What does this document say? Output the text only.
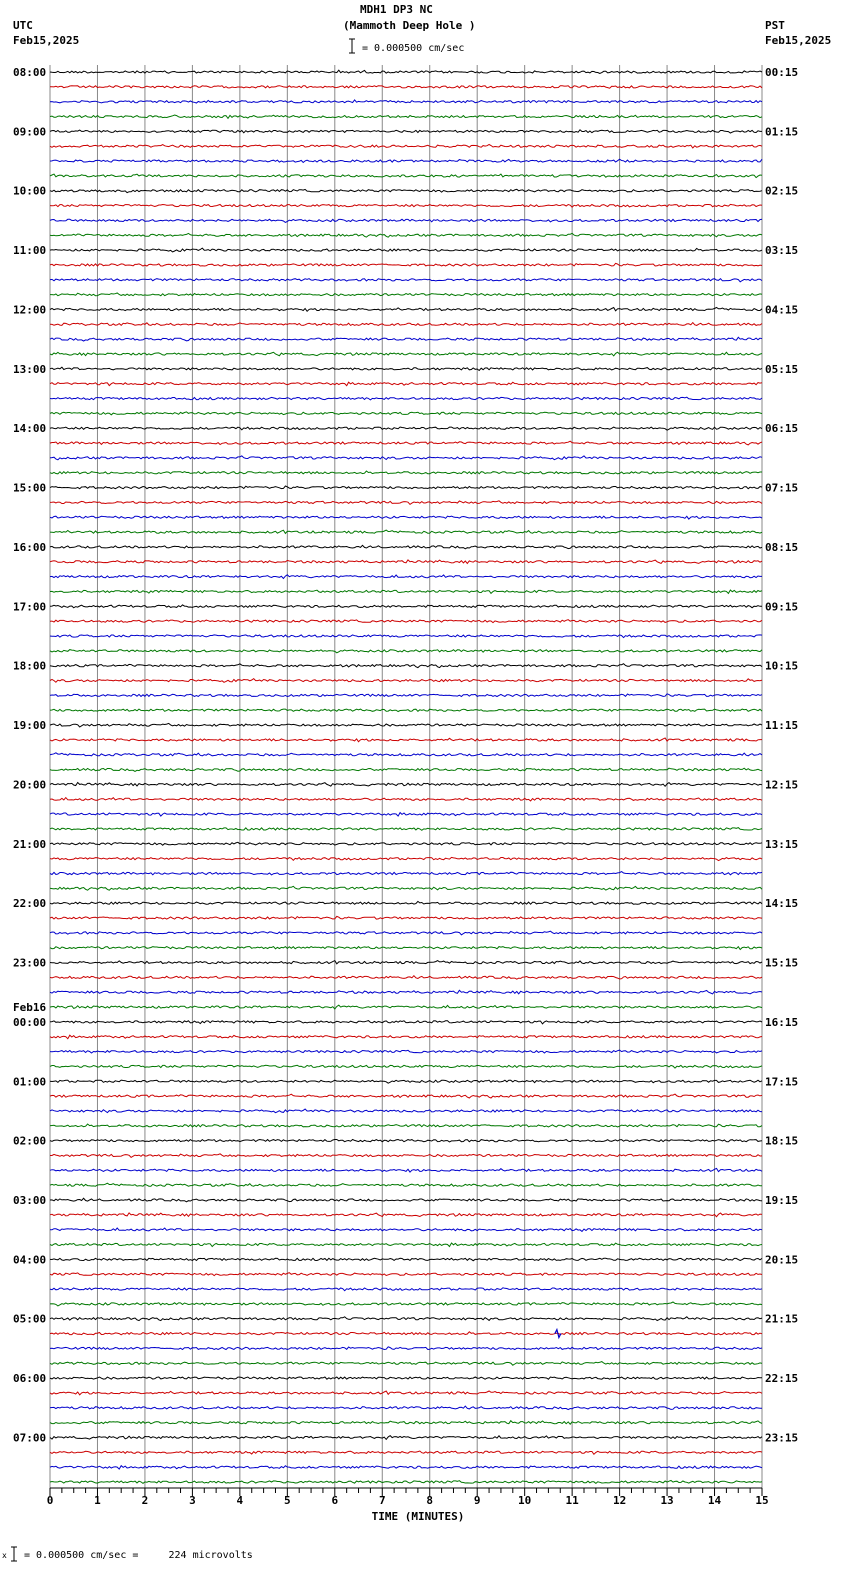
MDH1 DP3 NC
(Mammoth Deep Hole )
UTC
Feb15,2025
PST
Feb15,2025
= 0.000500 cm/sec
x = 0.000500 cm/sec =     224 microvolts
08:00
09:00
10:00
11:00
12:00
13:00
14:00
15:00
16:00
17:00
18:00
19:00
20:00
21:00
22:00
23:00
00:00
Feb16
01:00
02:00
03:00
04:00
05:00
06:00
07:00
00:15
01:15
02:15
03:15
04:15
05:15
06:15
07:15
08:15
09:15
10:15
11:15
12:15
13:15
14:15
15:15
16:15
17:15
18:15
19:15
20:15
21:15
22:15
23:15
0	1	2	3	4	5	6	7	8	9	10	11	12	13	14	15
TIME (MINUTES)
